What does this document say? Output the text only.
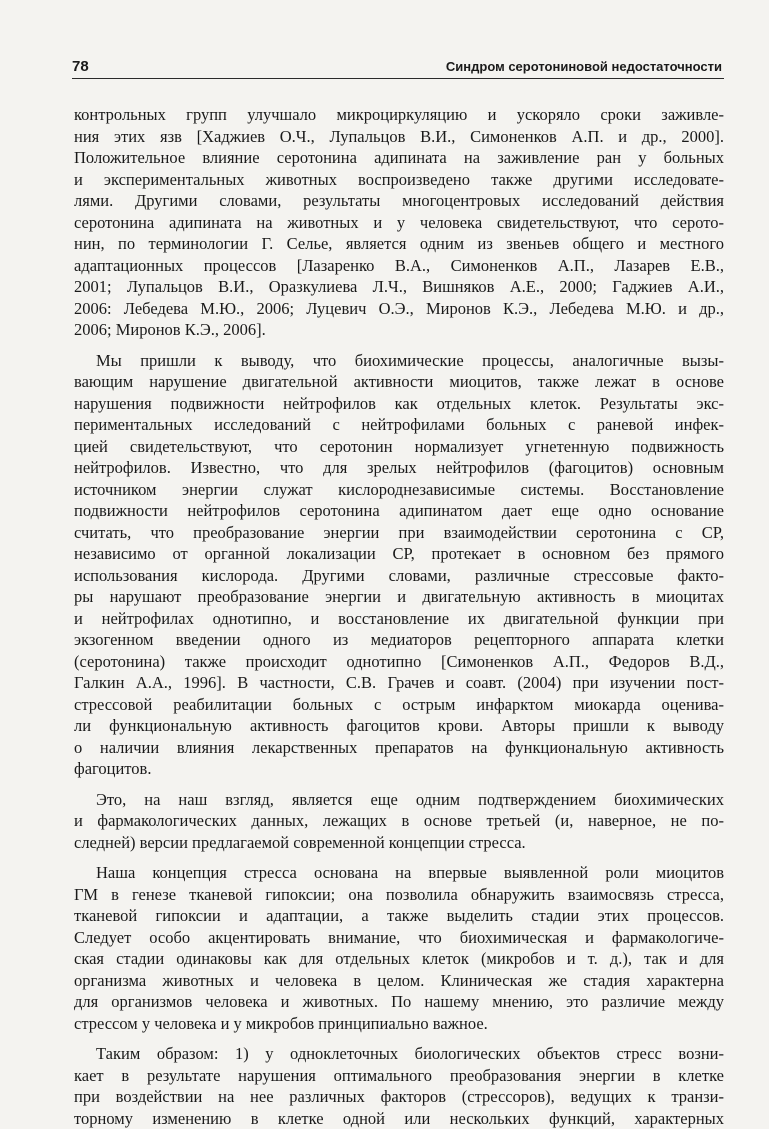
78	Синдром серотониновой недостаточности
контрольных групп улучшало микроциркуляцию и ускоряло сроки заживле-
ния этих язв [Хаджиев О.Ч., Лупальцов В.И., Симоненков А.П. и др., 2000].
Положительное влияние серотонина адипината на заживление ран у больных
и экспериментальных животных воспроизведено также другими исследовате-
лями. Другими словами, результаты многоцентровых исследований действия
серотонина адипината на животных и у человека свидетельствуют, что серото-
нин, по терминологии Г. Селье, является одним из звеньев общего и местного
адаптационных процессов [Лазаренко В.А., Симоненков А.П., Лазарев Е.В.,
2001; Лупальцов В.И., Оразкулиева Л.Ч., Вишняков А.Е., 2000; Гаджиев А.И.,
2006: Лебедева М.Ю., 2006; Луцевич О.Э., Миронов К.Э., Лебедева М.Ю. и др.,
2006; Миронов К.Э., 2006].
Мы пришли к выводу, что биохимические процессы, аналогичные вызы-
вающим нарушение двигательной активности миоцитов, также лежат в основе
нарушения подвижности нейтрофилов как отдельных клеток. Результаты экс-
периментальных исследований с нейтрофилами больных с раневой инфек-
цией свидетельствуют, что серотонин нормализует угнетенную подвижность
нейтрофилов. Известно, что для зрелых нейтрофилов (фагоцитов) основным
источником энергии служат кислороднезависимые системы. Восстановление
подвижности нейтрофилов серотонина адипинатом дает еще одно основание
считать, что преобразование энергии при взаимодействии серотонина с СР,
независимо от органной локализации СР, протекает в основном без прямого
использования кислорода. Другими словами, различные стрессовые факто-
ры нарушают преобразование энергии и двигательную активность в миоцитах
и нейтрофилах однотипно, и восстановление их двигательной функции при
экзогенном введении одного из медиаторов рецепторного аппарата клетки
(серотонина) также происходит однотипно [Симоненков А.П., Федоров В.Д.,
Галкин А.А., 1996]. В частности, С.В. Грачев и соавт. (2004) при изучении пост-
стрессовой реабилитации больных с острым инфарктом миокарда оценива-
ли функциональную активность фагоцитов крови. Авторы пришли к выводу
о наличии влияния лекарственных препаратов на функциональную активность
фагоцитов.
Это, на наш взгляд, является еще одним подтверждением биохимических
и фармакологических данных, лежащих в основе третьей (и, наверное, не по-
следней) версии предлагаемой современной концепции стресса.
Наша концепция стресса основана на впервые выявленной роли миоцитов
ГМ в генезе тканевой гипоксии; она позволила обнаружить взаимосвязь стресса,
тканевой гипоксии и адаптации, а также выделить стадии этих процессов.
Следует особо акцентировать внимание, что биохимическая и фармакологиче-
ская стадии одинаковы как для отдельных клеток (микробов и т. д.), так и для
организма животных и человека в целом. Клиническая же стадия характерна
для организмов человека и животных. По нашему мнению, это различие между
стрессом у человека и у микробов принципиально важное.
Таким образом: 1) у одноклеточных биологических объектов стресс возни-
кает в результате нарушения оптимального преобразования энергии в клетке
при воздействии на нее различных факторов (стрессоров), ведущих к транзи-
торному изменению в клетке одной или нескольких функций, характерных
